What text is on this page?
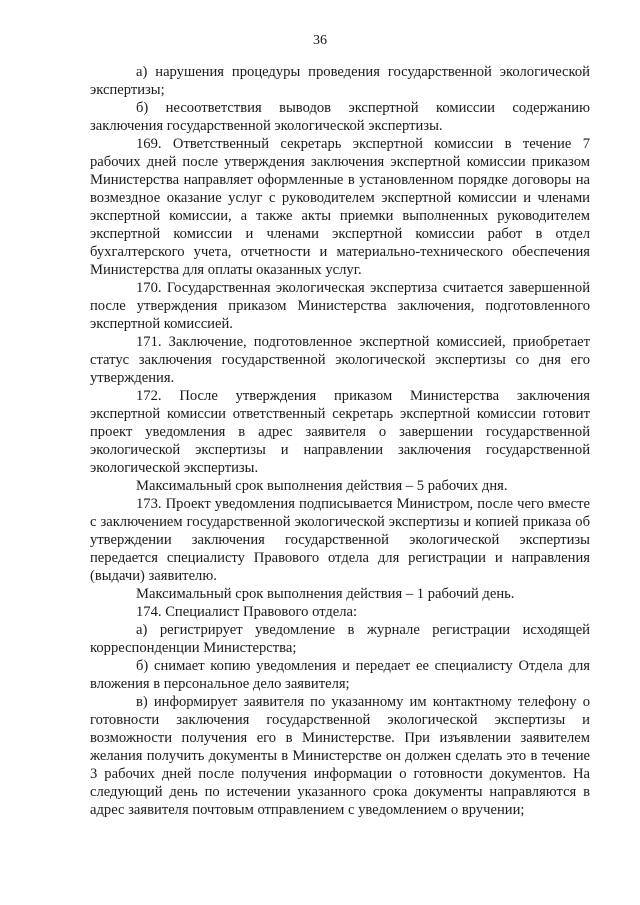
36

а) нарушения процедуры проведения государственной экологической экспертизы;

б) несоответствия выводов экспертной комиссии содержанию заключения государственной экологической экспертизы.

169. Ответственный секретарь экспертной комиссии в течение 7 рабочих дней после утверждения заключения экспертной комиссии приказом Министерства направляет оформленные в установленном порядке договоры на возмездное оказание услуг с руководителем экспертной комиссии и членами экспертной комиссии, а также акты приемки выполненных руководителем экспертной комиссии и членами экспертной комиссии работ в отдел бухгалтерского учета, отчетности и материально-технического обеспечения Министерства для оплаты оказанных услуг.

170. Государственная экологическая экспертиза считается завершенной после утверждения приказом Министерства заключения, подготовленного экспертной комиссией.

171. Заключение, подготовленное экспертной комиссией, приобретает статус заключения государственной экологической экспертизы со дня его утверждения.

172. После утверждения приказом Министерства заключения экспертной комиссии ответственный секретарь экспертной комиссии готовит проект уведомления в адрес заявителя о завершении государственной экологической экспертизы и направлении заключения государственной экологической экспертизы.

Максимальный срок выполнения действия – 5 рабочих дня.

173. Проект уведомления подписывается Министром, после чего вместе с заключением государственной экологической экспертизы и копией приказа об утверждении заключения государственной экологической экспертизы передается специалисту Правового отдела для регистрации и направления (выдачи) заявителю.

Максимальный срок выполнения действия – 1 рабочий день.

174. Специалист Правового отдела:

а) регистрирует уведомление в журнале регистрации исходящей корреспонденции Министерства;

б) снимает копию уведомления и передает ее специалисту Отдела для вложения в персональное дело заявителя;

в) информирует заявителя по указанному им контактному телефону о готовности заключения государственной экологической экспертизы и возможности получения его в Министерстве. При изъявлении заявителем желания получить документы в Министерстве он должен сделать это в течение 3 рабочих дней после получения информации о готовности документов. На следующий день по истечении указанного срока документы направляются в адрес заявителя почтовым отправлением с уведомлением о вручении;
